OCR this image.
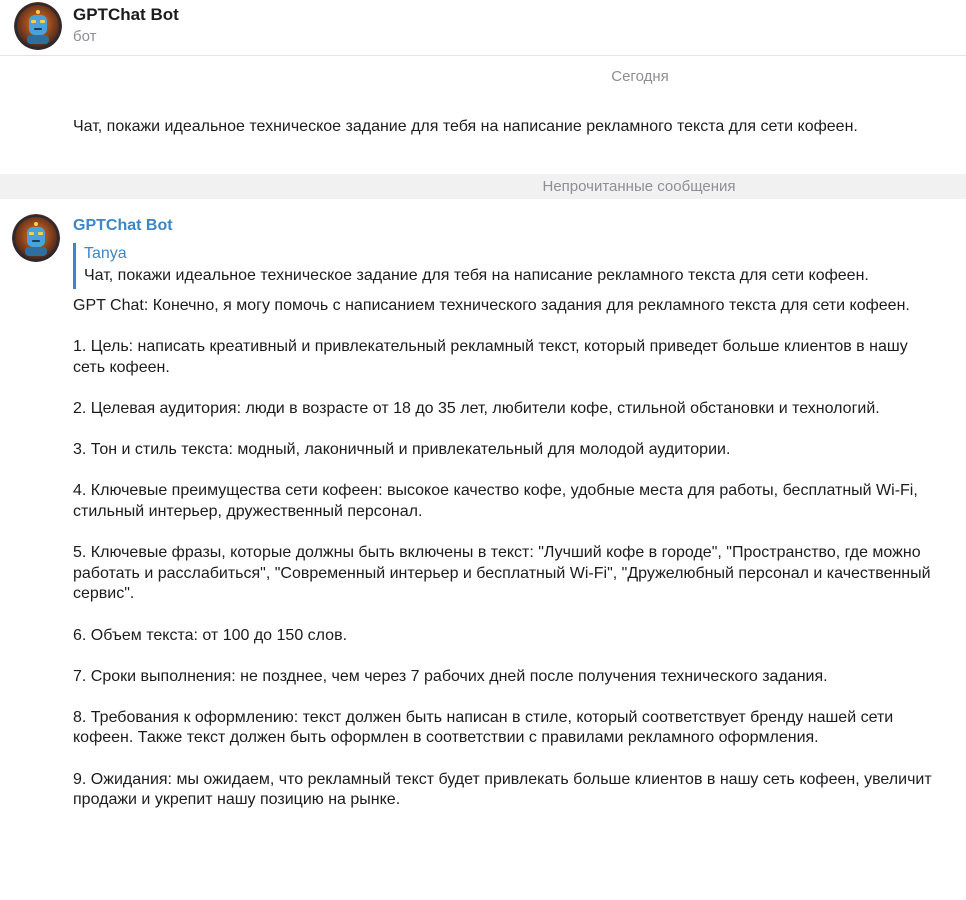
GPTChat Bot
бот
Сегодня
Чат, покажи идеальное техническое задание для тебя на написание рекламного текста для сети кофеен.
Непрочитанные сообщения
GPTChat Bot
Tanya
Чат, покажи идеальное техническое задание для тебя на написание рекламного текста для сети кофеен.

GPT Chat: Конечно, я могу помочь с написанием технического задания для рекламного текста для сети кофеен.

1. Цель: написать креативный и привлекательный рекламный текст, который приведет больше клиентов в нашу сеть кофеен.

2. Целевая аудитория: люди в возрасте от 18 до 35 лет, любители кофе, стильной обстановки и технологий.

3. Тон и стиль текста: модный, лаконичный и привлекательный для молодой аудитории.

4. Ключевые преимущества сети кофеен: высокое качество кофе, удобные места для работы, бесплатный Wi-Fi, стильный интерьер, дружественный персонал.

5. Ключевые фразы, которые должны быть включены в текст: "Лучший кофе в городе", "Пространство, где можно работать и расслабиться", "Современный интерьер и бесплатный Wi-Fi", "Дружелюбный персонал и качественный сервис".

6. Объем текста: от 100 до 150 слов.

7. Сроки выполнения: не позднее, чем через 7 рабочих дней после получения технического задания.

8. Требования к оформлению: текст должен быть написан в стиле, который соответствует бренду нашей сети кофеен. Также текст должен быть оформлен в соответствии с правилами рекламного оформления.

9. Ожидания: мы ожидаем, что рекламный текст будет привлекать больше клиентов в нашу сеть кофеен, увеличит продажи и укрепит нашу позицию на рынке.
